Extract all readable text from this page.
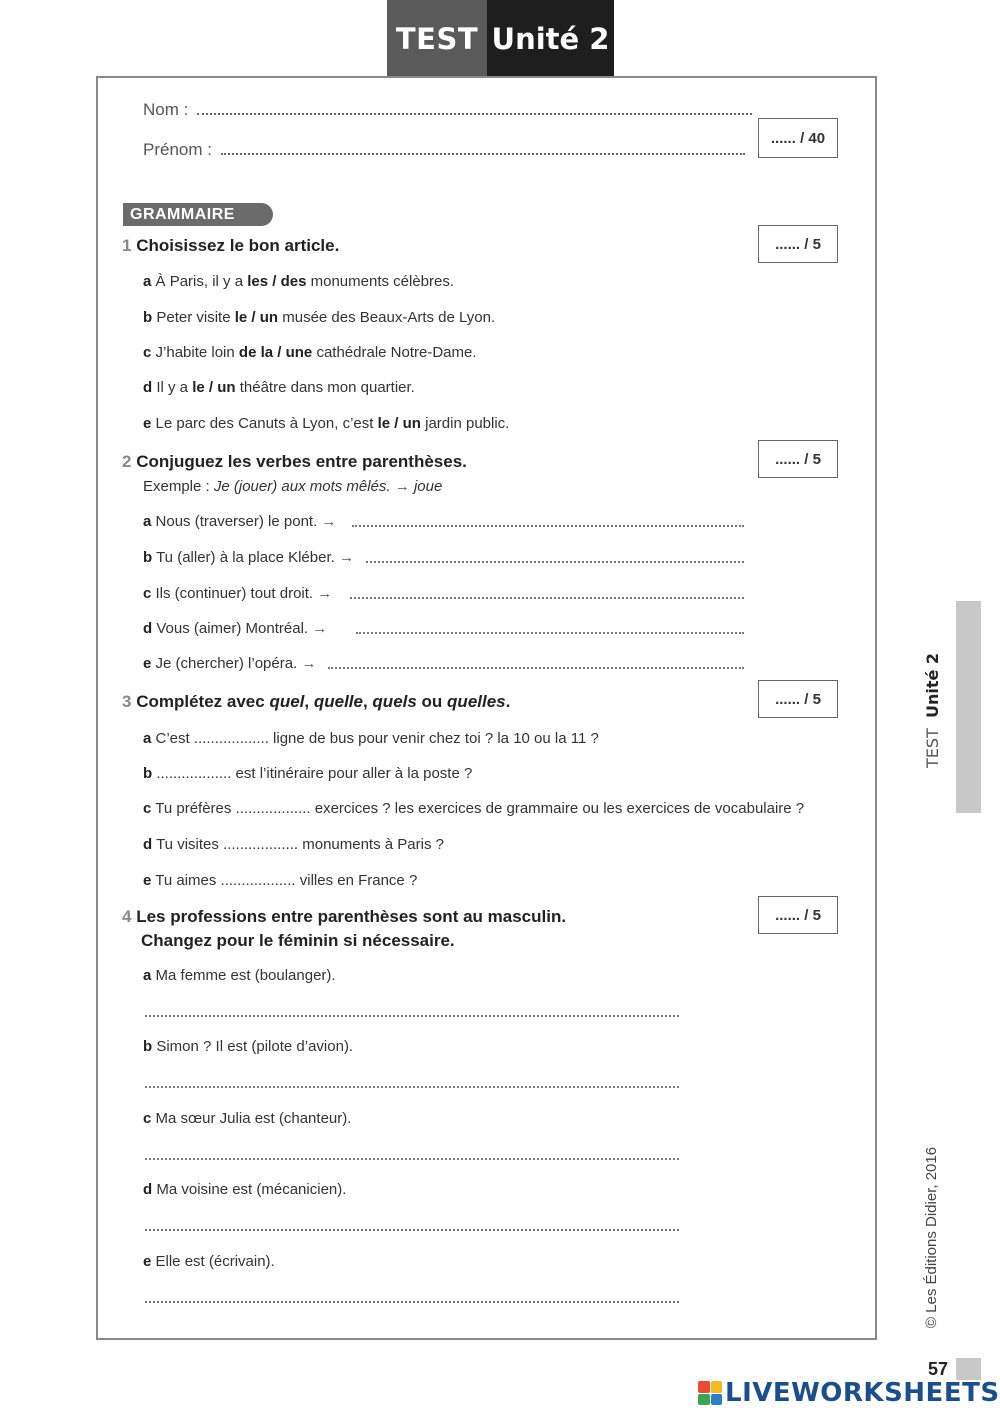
TEST Unité 2
Nom :
Prénom :
...... / 40
GRAMMAIRE
1 Choisissez le bon article.	...... / 5
a À Paris, il y a les / des monuments célèbres.
b Peter visite le / un musée des Beaux-Arts de Lyon.
c J’habite loin de la / une cathédrale Notre-Dame.
d Il y a le / un théâtre dans mon quartier.
e Le parc des Canuts à Lyon, c’est le / un jardin public.
2 Conjuguez les verbes entre parenthèses.	...... / 5
Exemple : Je (jouer) aux mots mêlés. → joue
a Nous (traverser) le pont. →
b Tu (aller) à la place Kléber. →
c Ils (continuer) tout droit. →
d Vous (aimer) Montréal. →
e Je (chercher) l’opéra. →
3 Complétez avec quel, quelle, quels ou quelles.	...... / 5
a C’est .................. ligne de bus pour venir chez toi ? la 10 ou la 11 ?
b .................. est l’itinéraire pour aller à la poste ?
c Tu préfères .................. exercices ? les exercices de grammaire ou les exercices de vocabulaire ?
d Tu visites .................. monuments à Paris ?
e Tu aimes .................. villes en France ?
4 Les professions entre parenthèses sont au masculin.
Changez pour le féminin si nécessaire.
...... / 5
a Ma femme est (boulanger).
b Simon ? Il est (pilote d’avion).
c Ma sœur Julia est (chanteur).
d Ma voisine est (mécanicien).
e Elle est (écrivain).
TEST  Unité 2
© Les Éditions Didier, 2016
57
LIVEWORKSHEETS
